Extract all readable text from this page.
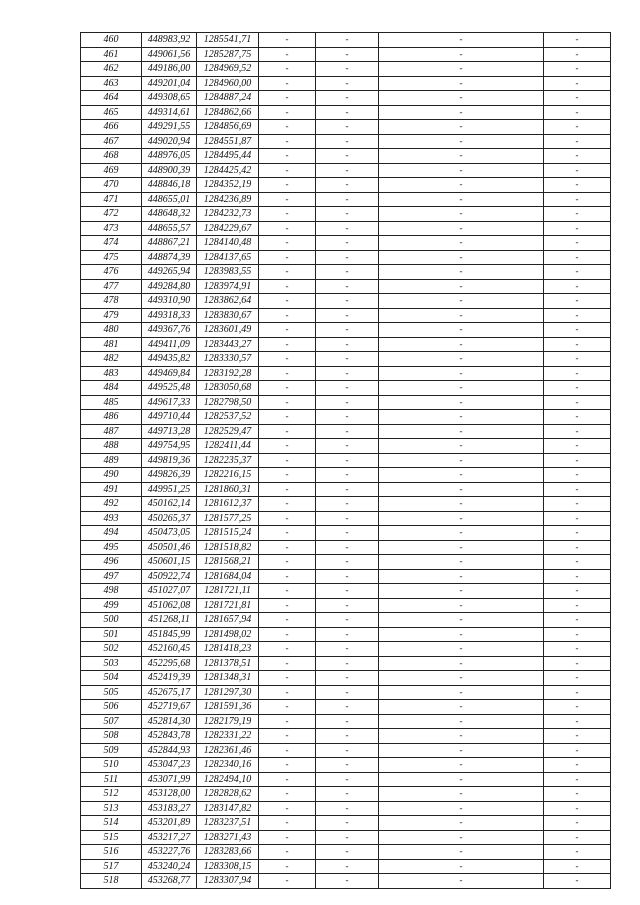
460	448983,92	1285541,71	-	-	-	-
461	449061,56	1285287,75	-	-	-	-
462	449186,00	1284969,52	-	-	-	-
463	449201,04	1284960,00	-	-	-	-
464	449308,65	1284887,24	-	-	-	-
465	449314,61	1284862,66	-	-	-	-
466	449291,55	1284856,69	-	-	-	-
467	449020,94	1284551,87	-	-	-	-
468	448976,05	1284495,44	-	-	-	-
469	448900,39	1284425,42	-	-	-	-
470	448846,18	1284352,19	-	-	-	-
471	448655,01	1284236,89	-	-	-	-
472	448648,32	1284232,73	-	-	-	-
473	448655,57	1284229,67	-	-	-	-
474	448867,21	1284140,48	-	-	-	-
475	448874,39	1284137,65	-	-	-	-
476	449265,94	1283983,55	-	-	-	-
477	449284,80	1283974,91	-	-	-	-
478	449310,90	1283862,64	-	-	-	-
479	449318,33	1283830,67	-	-	-	-
480	449367,76	1283601,49	-	-	-	-
481	449411,09	1283443,27	-	-	-	-
482	449435,82	1283330,57	-	-	-	-
483	449469,84	1283192,28	-	-	-	-
484	449525,48	1283050,68	-	-	-	-
485	449617,33	1282798,50	-	-	-	-
486	449710,44	1282537,52	-	-	-	-
487	449713,28	1282529,47	-	-	-	-
488	449754,95	1282411,44	-	-	-	-
489	449819,36	1282235,37	-	-	-	-
490	449826,39	1282216,15	-	-	-	-
491	449951,25	1281860,31	-	-	-	-
492	450162,14	1281612,37	-	-	-	-
493	450265,37	1281577,25	-	-	-	-
494	450473,05	1281515,24	-	-	-	-
495	450501,46	1281518,82	-	-	-	-
496	450601,15	1281568,21	-	-	-	-
497	450922,74	1281684,04	-	-	-	-
498	451027,07	1281721,11	-	-	-	-
499	451062,08	1281721,81	-	-	-	-
500	451268,11	1281657,94	-	-	-	-
501	451845,99	1281498,02	-	-	-	-
502	452160,45	1281418,23	-	-	-	-
503	452295,68	1281378,51	-	-	-	-
504	452419,39	1281348,31	-	-	-	-
505	452675,17	1281297,30	-	-	-	-
506	452719,67	1281591,36	-	-	-	-
507	452814,30	1282179,19	-	-	-	-
508	452843,78	1282331,22	-	-	-	-
509	452844,93	1282361,46	-	-	-	-
510	453047,23	1282340,16	-	-	-	-
511	453071,99	1282494,10	-	-	-	-
512	453128,00	1282828,62	-	-	-	-
513	453183,27	1283147,82	-	-	-	-
514	453201,89	1283237,51	-	-	-	-
515	453217,27	1283271,43	-	-	-	-
516	453227,76	1283283,66	-	-	-	-
517	453240,24	1283308,15	-	-	-	-
518	453268,77	1283307,94	-	-	-	-
